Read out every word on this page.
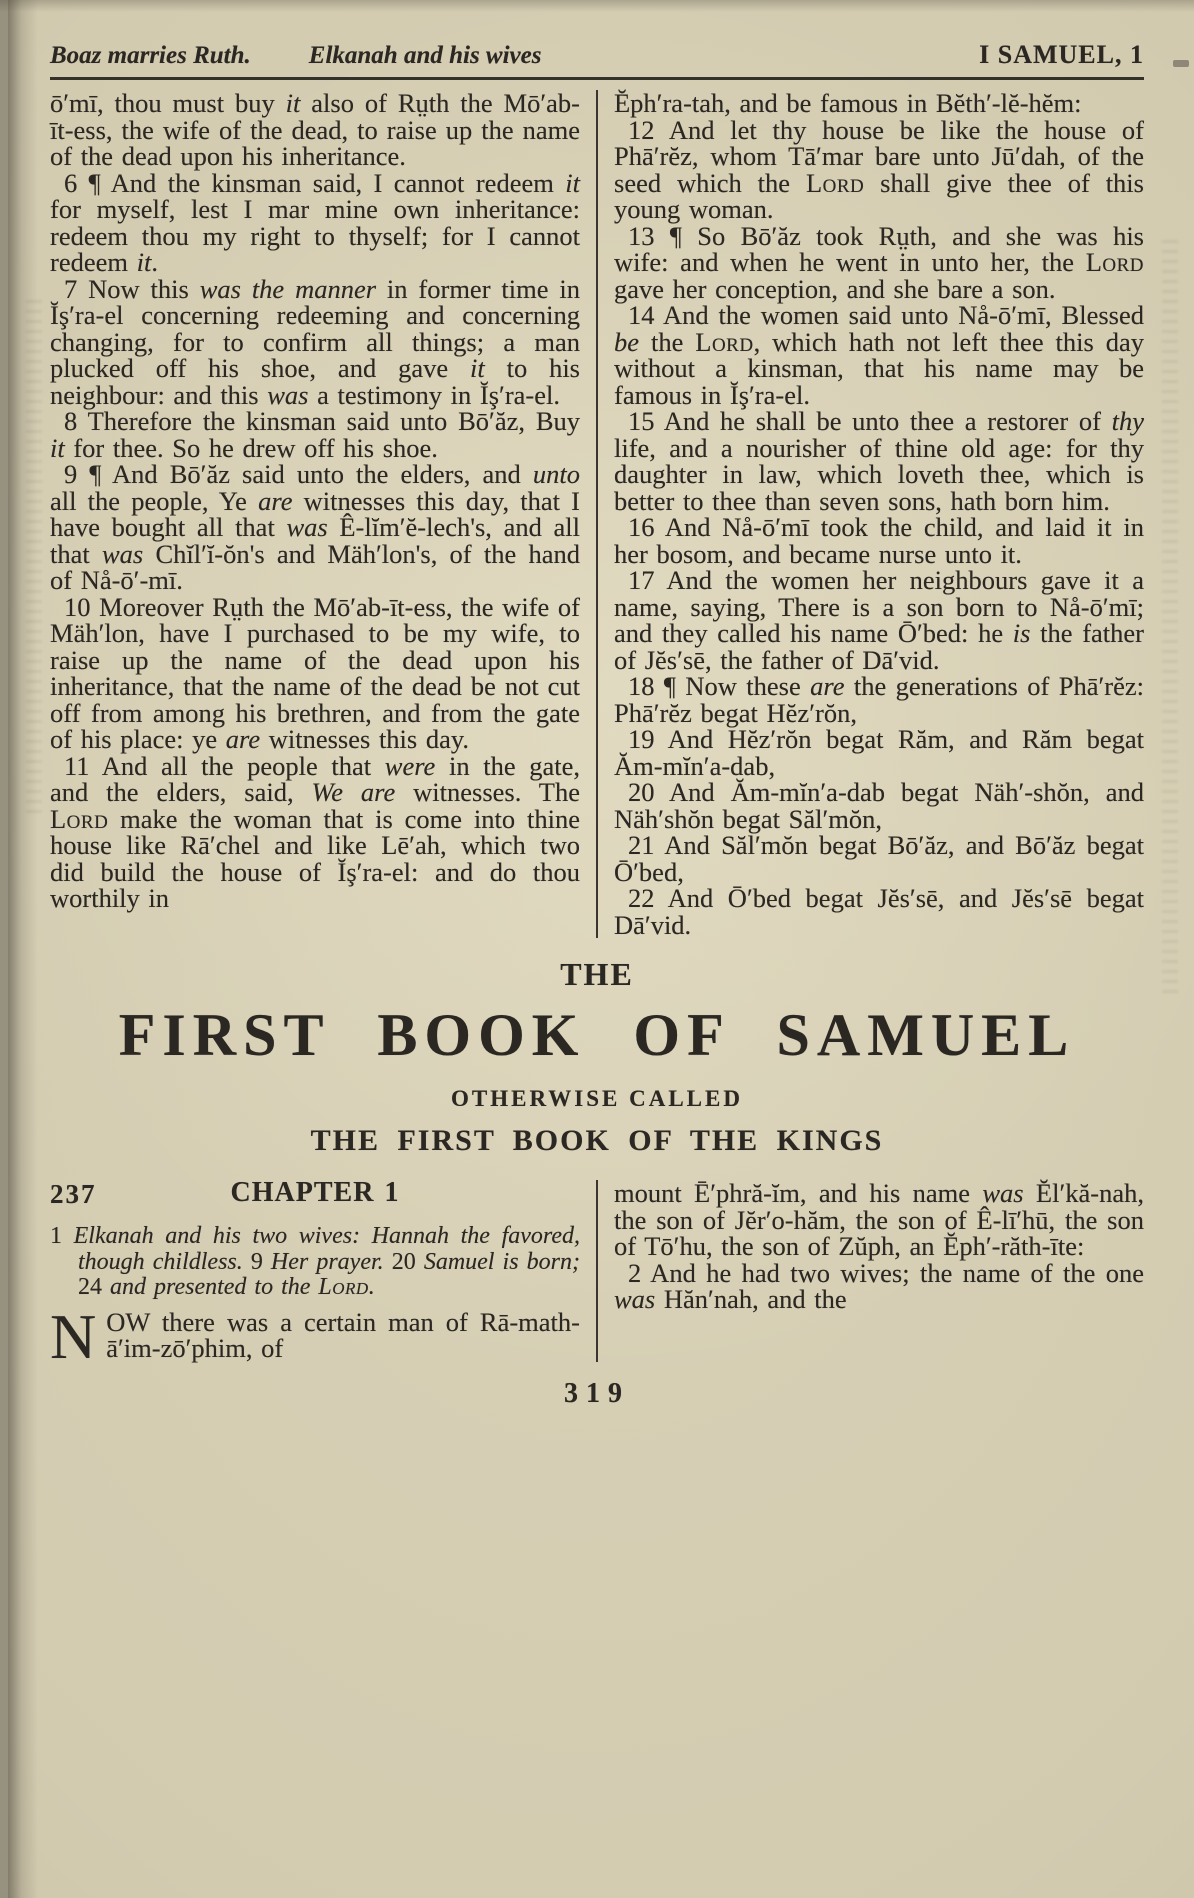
Boaz marries Ruth. Elkanah and his wives	I SAMUEL, 1

ō′mī, thou must buy it also of Rṳth the Mō′ab-īt-ess, the wife of the dead, to raise up the name of the dead upon his inheritance.

6 ¶ And the kinsman said, I cannot redeem it for myself, lest I mar mine own inheritance: redeem thou my right to thyself; for I cannot redeem it.

7 Now this was the manner in former time in Ĭş′ra-el concerning redeeming and concerning changing, for to confirm all things; a man plucked off his shoe, and gave it to his neighbour: and this was a testimony in Ĭş′ra-el.

8 Therefore the kinsman said unto Bō′ăz, Buy it for thee. So he drew off his shoe.

9 ¶ And Bō′ăz said unto the elders, and unto all the people, Ye are witnesses this day, that I have bought all that was Ê-lĭm′ĕ-lech's, and all that was Chĭl′ĭ-ŏn's and Mäh′lon's, of the hand of Nå-ō′-mī.

10 Moreover Rṳth the Mō′ab-īt-ess, the wife of Mäh′lon, have I purchased to be my wife, to raise up the name of the dead upon his inheritance, that the name of the dead be not cut off from among his brethren, and from the gate of his place: ye are witnesses this day.

11 And all the people that were in the gate, and the elders, said, We are witnesses. The Lord make the woman that is come into thine house like Rā′chel and like Lē′ah, which two did build the house of Ĭş′ra-el: and do thou worthily in

Ĕph′ra-tah, and be famous in Bĕth′-lĕ-hĕm:

12 And let thy house be like the house of Phā′rĕz, whom Tā′mar bare unto Jū′dah, of the seed which the Lord shall give thee of this young woman.

13 ¶ So Bō′ăz took Rṳth, and she was his wife: and when he went in unto her, the Lord gave her conception, and she bare a son.

14 And the women said unto Nå-ō′mī, Blessed be the Lord, which hath not left thee this day without a kinsman, that his name may be famous in Ĭş′ra-el.

15 And he shall be unto thee a restorer of thy life, and a nourisher of thine old age: for thy daughter in law, which loveth thee, which is better to thee than seven sons, hath born him.

16 And Nå-ō′mī took the child, and laid it in her bosom, and became nurse unto it.

17 And the women her neighbours gave it a name, saying, There is a son born to Nå-ō′mī; and they called his name Ō′bed: he is the father of Jĕs′sē, the father of Dā′vid.

18 ¶ Now these are the generations of Phā′rĕz: Phā′rĕz begat Hĕz′rŏn,

19 And Hĕz′rŏn begat Răm, and Răm begat Ăm-mĭn′a-dab,

20 And Ăm-mĭn′a-dab begat Näh′-shŏn, and Näh′shŏn begat Săl′mŏn,

21 And Săl′mŏn begat Bō′ăz, and Bō′ăz begat Ō′bed,

22 And Ō′bed begat Jĕs′sē, and Jĕs′sē begat Dā′vid.

THE
FIRST BOOK OF SAMUEL
OTHERWISE CALLED
THE FIRST BOOK OF THE KINGS
237	CHAPTER 1

1 Elkanah and his two wives: Hannah the favored, though childless. 9 Her prayer. 20 Samuel is born; 24 and presented to the Lord.

NOW there was a certain man of Rā-math-ā′im-zō′phim, of

mount Ē′phră-ĭm, and his name was Ĕl′kă-nah, the son of Jĕr′o-hăm, the son of Ê-lī′hū, the son of Tō′hu, the son of Zŭph, an Ĕph′-răth-īte:

2 And he had two wives; the name of the one was Hăn′nah, and the

319
